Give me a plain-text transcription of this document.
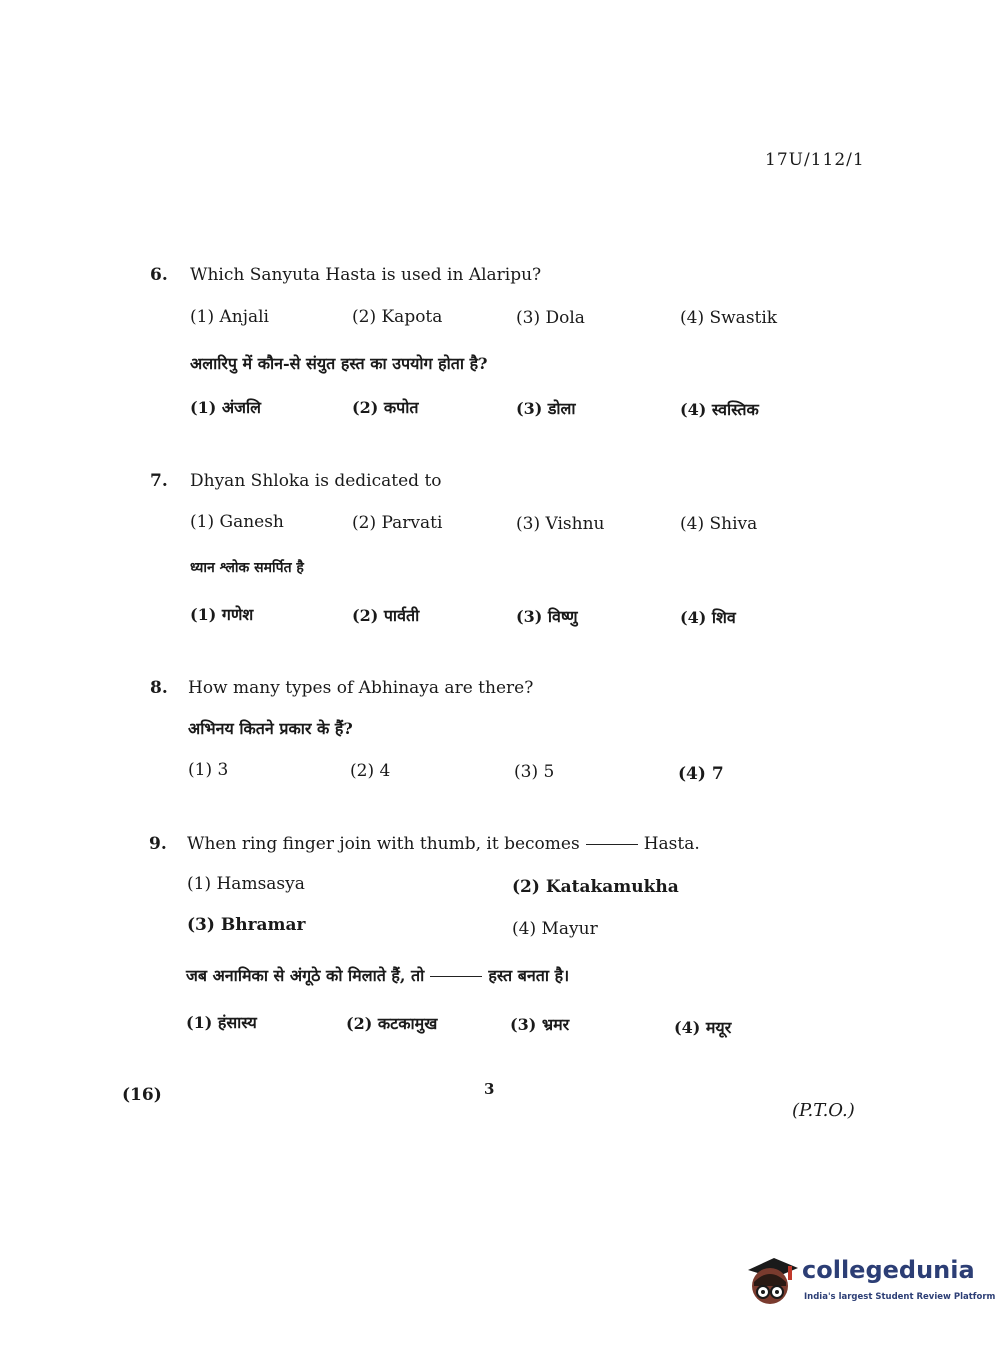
17U/112/1
6. Which Sanyuta Hasta is used in Alaripu?
(1) Anjali	(2) Kapota	(3) Dola	(4) Swastik
अलारिपु में कौन-से संयुत हस्त का उपयोग होता है?
(1) अंजलि	(2) कपोत	(3) डोला	(4) स्वस्तिक
7. Dhyan Shloka is dedicated to
(1) Ganesh	(2) Parvati	(3) Vishnu	(4) Shiva
ध्यान श्लोक समर्पित है
(1) गणेश	(2) पार्वती	(3) विष्णु	(4) शिव
8. How many types of Abhinaya are there?
अभिनय कितने प्रकार के हैं?
(1) 3	(2) 4	(3) 5	(4) 7
9. When ring finger join with thumb, it becomes	Hasta.
(1) Hamsasya	(2) Katakamukha
(3) Bhramar	(4) Mayur
जब अनामिका से अंगूठे को मिलाते हैं, तो	हस्त बनता है।
(1) हंसास्य	(2) कटकामुख	(3) भ्रमर	(4) मयूर
(16)	3
(P.T.O.)
collegedunia
India's largest Student Review Platform
